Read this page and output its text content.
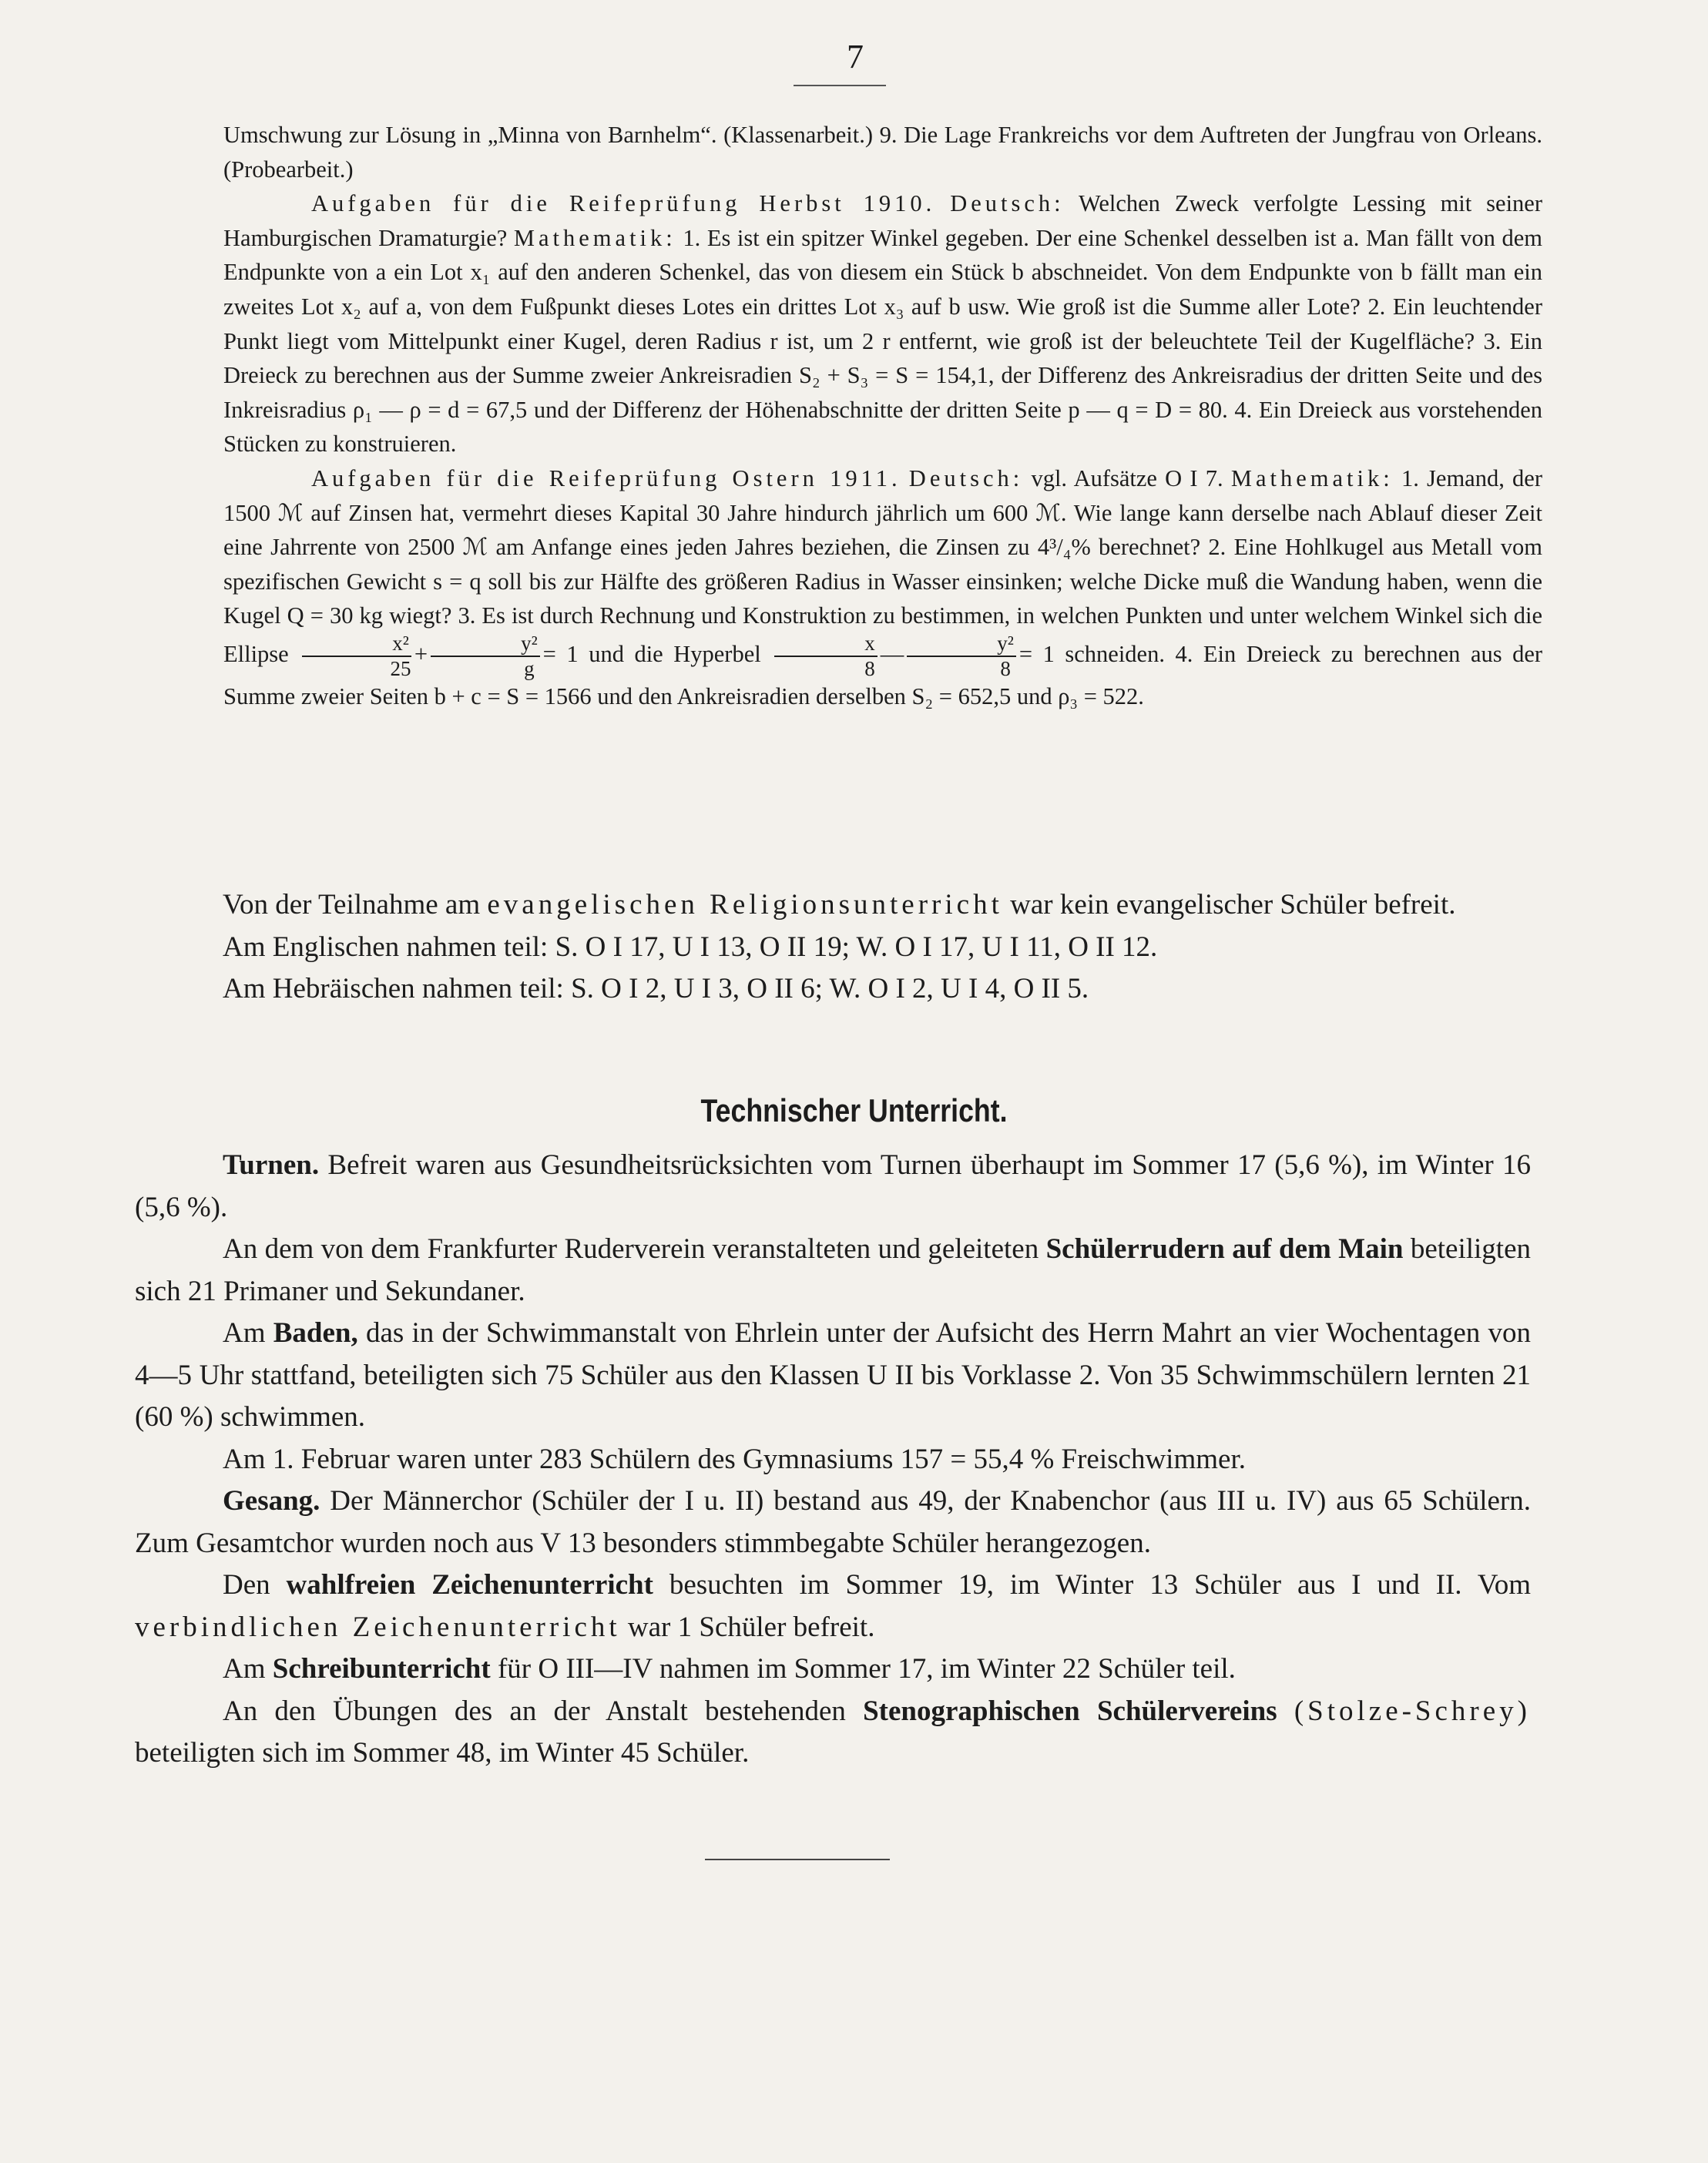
7

Umschwung zur Lösung in „Minna von Barnhelm“. (Klassenarbeit.) 9. Die Lage Frankreichs vor dem Auftreten der Jungfrau von Orleans. (Probearbeit.)

Aufgaben für die Reifeprüfung Herbst 1910. Deutsch: Welchen Zweck verfolgte Lessing mit seiner Hamburgischen Dramaturgie? Mathematik: 1. Es ist ein spitzer Winkel gegeben. Der eine Schenkel desselben ist a. Man fällt von dem Endpunkte von a ein Lot x₁ auf den anderen Schenkel, das von diesem ein Stück b abschneidet. Von dem Endpunkte von b fällt man ein zweites Lot x₂ auf a, von dem Fußpunkt dieses Lotes ein drittes Lot x₃ auf b usw. Wie groß ist die Summe aller Lote? 2. Ein leuchtender Punkt liegt vom Mittelpunkt einer Kugel, deren Radius r ist, um 2 r entfernt, wie groß ist der beleuchtete Teil der Kugelfläche? 3. Ein Dreieck zu berechnen aus der Summe zweier Ankreisradien S₂ + S₃ = S = 154,1, der Differenz des Ankreisradius der dritten Seite und des Inkreisradius ρ₁ — ρ = d = 67,5 und der Differenz der Höhenabschnitte der dritten Seite p — q = D = 80. 4. Ein Dreieck aus vorstehenden Stücken zu konstruieren.

Aufgaben für die Reifeprüfung Ostern 1911. Deutsch: vgl. Aufsätze O I 7. Mathematik: 1. Jemand, der 1500 ℳ auf Zinsen hat, vermehrt dieses Kapital 30 Jahre hindurch jährlich um 600 ℳ. Wie lange kann derselbe nach Ablauf dieser Zeit eine Jahrrente von 2500 ℳ am Anfange eines jeden Jahres beziehen, die Zinsen zu 4³/₄% berechnet? 2. Eine Hohlkugel aus Metall vom spezifischen Gewicht s = q soll bis zur Hälfte des größeren Radius in Wasser einsinken; welche Dicke muß die Wandung haben, wenn die Kugel Q = 30 kg wiegt? 3. Es ist durch Rechnung und Konstruktion zu bestimmen, in welchen Punkten und unter welchem Winkel sich die Ellipse $\frac{\text{x²}}{25} + \frac{\text{y²}}{g} = 1$ und die Hyperbel $\frac{x}{8}$ — $\frac{\text{y²}}{8} = 1$ schneiden. 4. Ein Dreieck zu berechnen aus der Summe zweier Seiten b + c = S = 1566 und den Ankreisradien derselben S₂ = 652,5 und ρ₃ = 522.

Von der Teilnahme am evangelischen Religionsunterricht war kein evangelischer Schüler befreit.

Am Englischen nahmen teil: S. O I 17, U I 13, O II 19; W. O I 17, U I 11, O II 12.

Am Hebräischen nahmen teil: S. O I 2, U I 3, O II 6; W. O I 2, U I 4, O II 5.

Technischer Unterricht.

Turnen. Befreit waren aus Gesundheitsrücksichten vom Turnen überhaupt im Sommer 17 (5,6 %), im Winter 16 (5,6 %).

An dem von dem Frankfurter Ruderverein veranstalteten und geleiteten Schülerrudern auf dem Main beteiligten sich 21 Primaner und Sekundaner.

Am Baden, das in der Schwimmanstalt von Ehrlein unter der Aufsicht des Herrn Mahrt an vier Wochentagen von 4—5 Uhr stattfand, beteiligten sich 75 Schüler aus den Klassen U II bis Vorklasse 2. Von 35 Schwimmschülern lernten 21 (60 %) schwimmen.

Am 1. Februar waren unter 283 Schülern des Gymnasiums 157 = 55,4 % Freischwimmer.

Gesang. Der Männerchor (Schüler der I u. II) bestand aus 49, der Knabenchor (aus III u. IV) aus 65 Schülern. Zum Gesamtchor wurden noch aus V 13 besonders stimmbegabte Schüler herangezogen.

Den wahlfreien Zeichenunterricht besuchten im Sommer 19, im Winter 13 Schüler aus I und II. Vom verbindlichen Zeichenunterricht war 1 Schüler befreit.

Am Schreibunterricht für O III—IV nahmen im Sommer 17, im Winter 22 Schüler teil.

An den Übungen des an der Anstalt bestehenden Stenographischen Schülervereins (Stolze-Schrey) beteiligten sich im Sommer 48, im Winter 45 Schüler.
